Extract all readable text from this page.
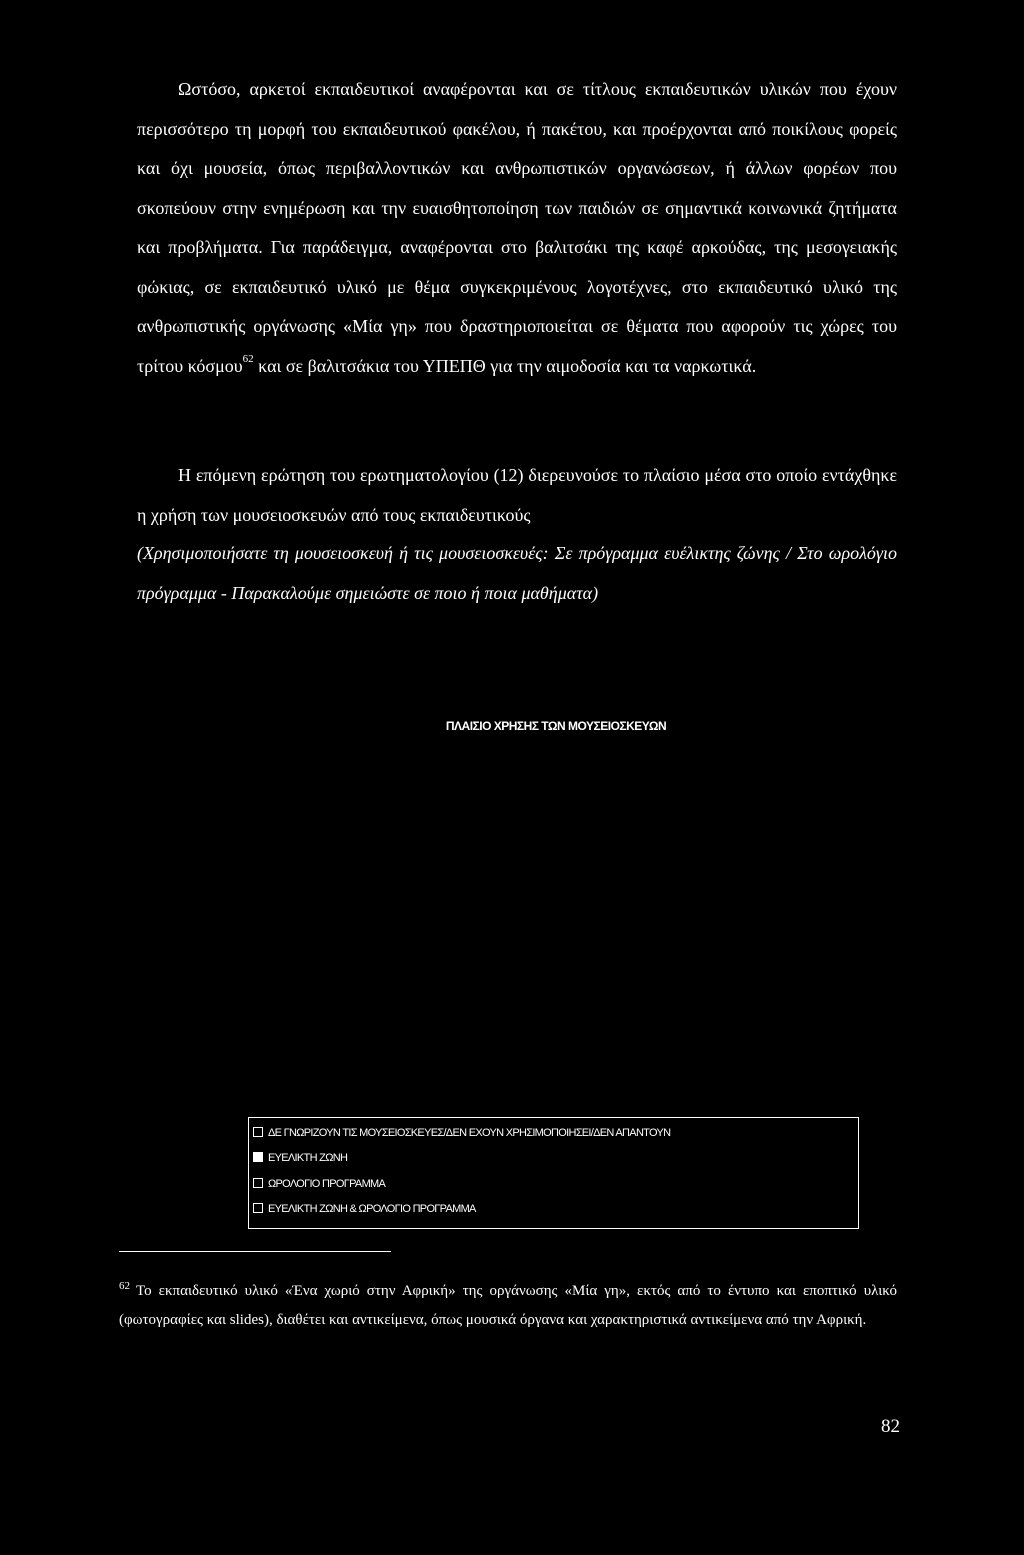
Ωστόσο, αρκετοί εκπαιδευτικοί αναφέρονται και σε τίτλους εκπαιδευτικών υλικών που έχουν περισσότερο τη μορφή του εκπαιδευτικού φακέλου, ή πακέτου, και προέρχονται από ποικίλους φορείς και όχι μουσεία, όπως περιβαλλοντικών και ανθρωπιστικών οργανώσεων, ή άλλων φορέων που σκοπεύουν στην ενημέρωση και την ευαισθητοποίηση των παιδιών σε σημαντικά κοινωνικά ζητήματα και προβλήματα. Για παράδειγμα, αναφέρονται στο βαλιτσάκι της καφέ αρκούδας, της μεσογειακής φώκιας, σε εκπαιδευτικό υλικό με θέμα συγκεκριμένους λογοτέχνες, στο εκπαιδευτικό υλικό της ανθρωπιστικής οργάνωσης «Μία γη» που δραστηριοποιείται σε θέματα που αφορούν τις χώρες του τρίτου κόσμου$^{62}$ και σε βαλιτσάκια του ΥΠΕΠΘ για την αιμοδοσία και τα ναρκωτικά.

Η επόμενη ερώτηση του ερωτηματολογίου (12) διερευνούσε το πλαίσιο μέσα στο οποίο εντάχθηκε η χρήση των μουσειοσκευών από τους εκπαιδευτικούς

(Χρησιμοποιήσατε τη μουσειοσκευή ή τις μουσειοσκευές: Σε πρόγραμμα ευέλικτης ζώνης / Στο ωρολόγιο πρόγραμμα - Παρακαλούμε σημειώστε σε ποιο ή ποια μαθήματα)

ΠΛΑΙΣΙΟ ΧΡΗΣΗΣ ΤΩΝ ΜΟΥΣΕΙΟΣΚΕΥΩΝ
ΔΕ ΓΝΩΡΙΖΟΥΝ ΤΙΣ ΜΟΥΣΕΙΟΣΚΕΥΕΣ/ΔΕΝ ΕΧΟΥΝ ΧΡΗΣΙΜΟΠΟΙΗΣΕΙ/ΔΕΝ ΑΠΑΝΤΟΥΝ
ΕΥΕΛΙΚΤΗ ΖΩΝΗ
ΩΡΟΛΟΓΙΟ ΠΡΟΓΡΑΜΜΑ
ΕΥΕΛΙΚΤΗ ΖΩΝΗ & ΩΡΟΛΟΓΙΟ ΠΡΟΓΡΑΜΜΑ

$^{62}$ Το εκπαιδευτικό υλικό «Ένα χωριό στην Αφρική» της οργάνωσης «Μία γη», εκτός από το έντυπο και εποπτικό υλικό (φωτογραφίες και slides), διαθέτει και αντικείμενα, όπως μουσικά όργανα και χαρακτηριστικά αντικείμενα από την Αφρική.

82
